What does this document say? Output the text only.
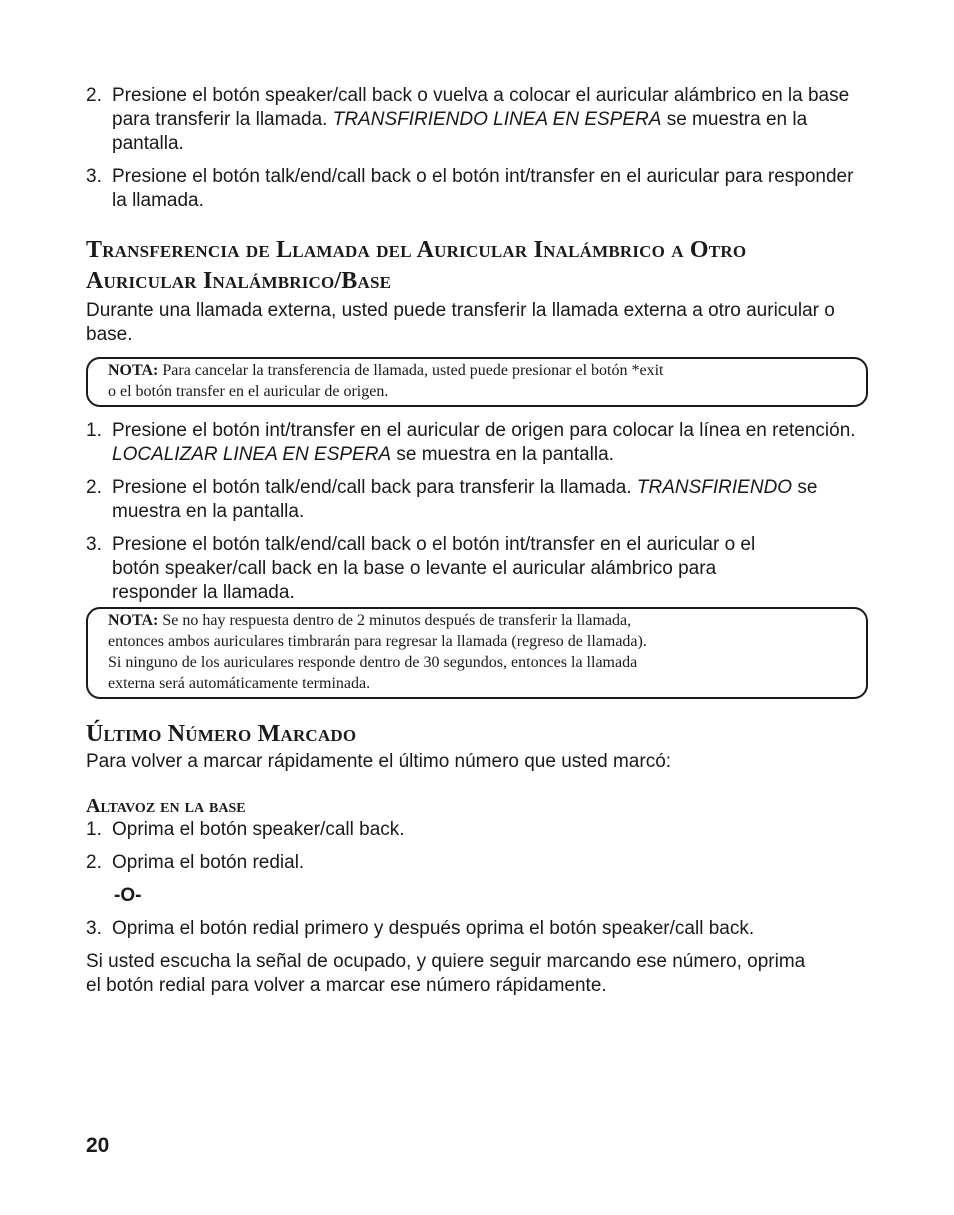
2. Presione el botón speaker/call back o vuelva a colocar el auricular alámbrico en la base para transferir la llamada. TRANSFIRIENDO LINEA EN ESPERA se muestra en la pantalla.
3. Presione el botón talk/end/call back o el botón int/transfer en el auricular para responder la llamada.
Transferencia de Llamada del Auricular Inalámbrico a Otro
Auricular Inalámbrico/Base
Durante una llamada externa, usted puede transferir la llamada externa a otro auricular o base.
NOTA: Para cancelar la transferencia de llamada, usted puede presionar el botón *exit
o el botón transfer en el auricular de origen.
1. Presione el botón int/transfer en el auricular de origen para colocar la línea en retención. LOCALIZAR LINEA EN ESPERA se muestra en la pantalla.
2. Presione el botón talk/end/call back para transferir la llamada. TRANSFIRIENDO se muestra en la pantalla.
3. Presione el botón talk/end/call back o el botón int/transfer en el auricular o el botón speaker/call back en la base o levante el auricular alámbrico para responder la llamada.
NOTA: Se no hay respuesta dentro de 2 minutos después de transferir la llamada,
entonces ambos auriculares timbrarán para regresar la llamada (regreso de llamada).
Si ninguno de los auriculares responde dentro de 30 segundos, entonces la llamada
externa será automáticamente terminada.
Último Número Marcado
Para volver a marcar rápidamente el último número que usted marcó:
Altavoz en la base
1. Oprima el botón speaker/call back.
2. Oprima el botón redial.
-O-
3. Oprima el botón redial primero y después oprima el botón speaker/call back.
Si usted escucha la señal de ocupado, y quiere seguir marcando ese número, oprima el botón redial para volver a marcar ese número rápidamente.
20
